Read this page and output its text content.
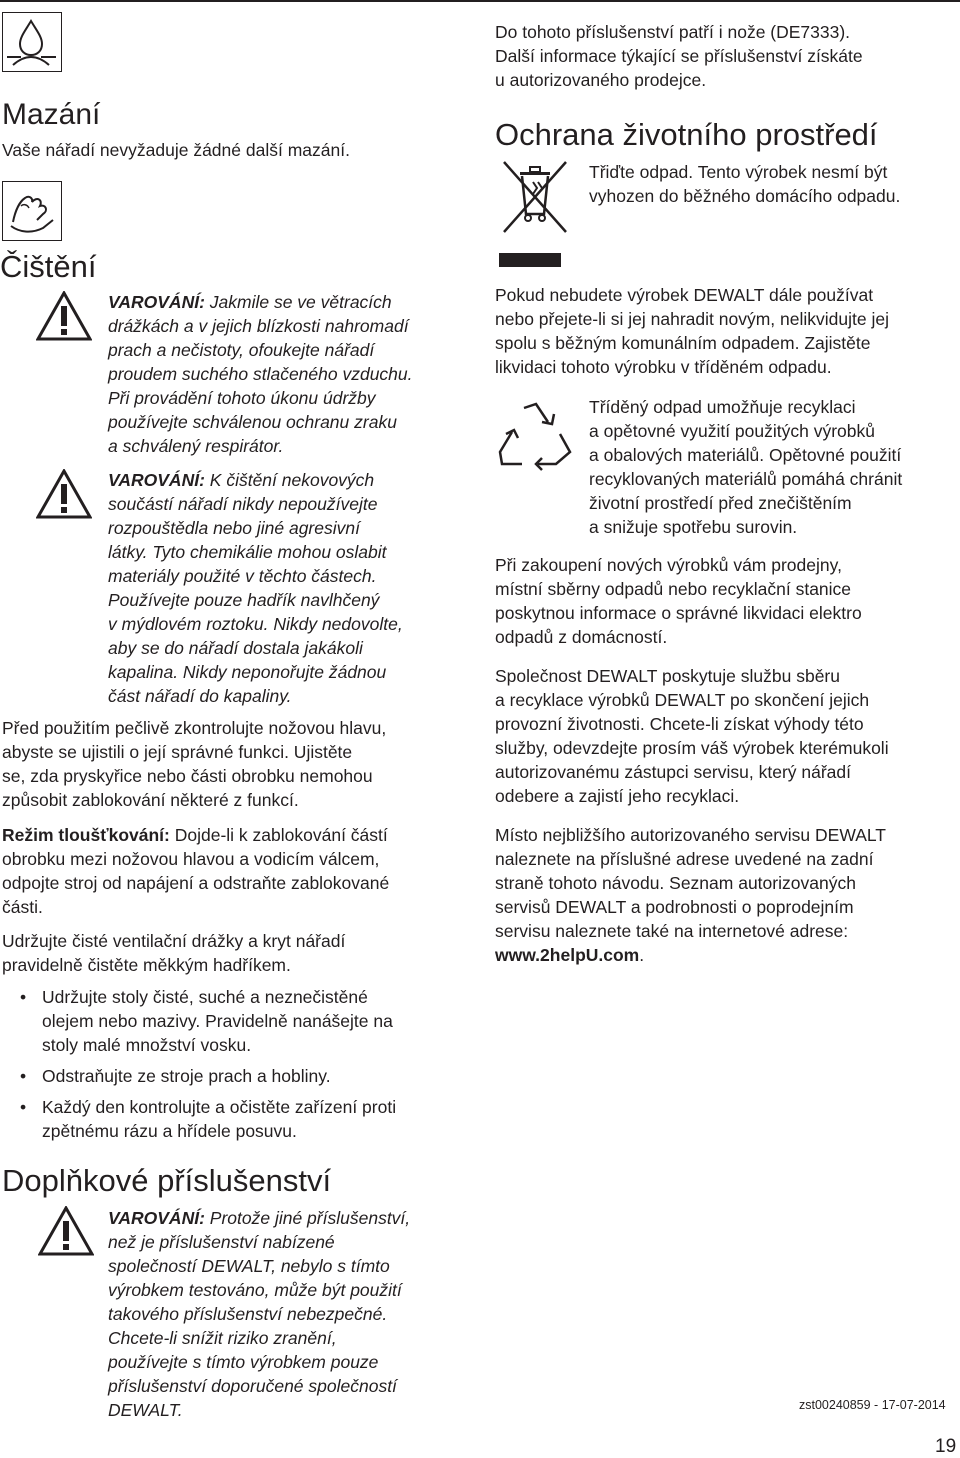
Mazání

Vaše nářadí nevyžaduje žádné další mazání.

Čištění

VAROVÁNÍ: Jakmile se ve větracích

drážkách a v jejich blízkosti nahromadí

prach a nečistoty, ofoukejte nářadí

proudem suchého stlačeného vzduchu.

Při provádění tohoto úkonu údržby

používejte schválenou ochranu zraku

a schválený respirátor.

VAROVÁNÍ: K čištění nekovových

součástí nářadí nikdy nepoužívejte

rozpouštědla nebo jiné agresivní

látky. Tyto chemikálie mohou oslabit

materiály použité v těchto částech.

Používejte pouze hadřík navlhčený

v mýdlovém roztoku. Nikdy nedovolte,

aby se do nářadí dostala jakákoli

kapalina. Nikdy neponořujte žádnou

část nářadí do kapaliny.

Před použitím pečlivě zkontrolujte nožovou hlavu,

abyste se ujistili o její správné funkci. Ujistěte

se, zda pryskyřice nebo části obrobku nemohou

způsobit zablokování některé z funkcí.

Režim tloušťkování: Dojde-li k zablokování částí

obrobku mezi nožovou hlavou a vodicím válcem,

odpojte stroj od napájení a odstraňte zablokované

části.

Udržujte čisté ventilační drážky a kryt nářadí

pravidelně čistěte měkkým hadříkem.

• Udržujte stoly čisté, suché a neznečistěné
olejem nebo mazivy. Pravidelně nanášejte na
stoly malé množství vosku.
• Odstraňujte ze stroje prach a hobliny.
• Každý den kontrolujte a očistěte zařízení proti
zpětnému rázu a hřídele posuvu.
Doplňkové příslušenství

VAROVÁNÍ: Protože jiné příslušenství,

než je příslušenství nabízené

společností DEWALT, nebylo s tímto

výrobkem testováno, může být použití

takového příslušenství nebezpečné.

Chcete-li snížit riziko zranění,

používejte s tímto výrobkem pouze

příslušenství doporučené společností

DEWALT.

Do tohoto příslušenství patří i nože (DE7333).

Další informace týkající se příslušenství získáte

u autorizovaného prodejce.

Ochrana životního prostředí

Třiďte odpad. Tento výrobek nesmí být

vyhozen do běžného domácího odpadu.

Pokud nebudete výrobek DEWALT dále používat

nebo přejete-li si jej nahradit novým, nelikvidujte jej

spolu s běžným komunálním odpadem. Zajistěte

likvidaci tohoto výrobku v tříděném odpadu.

Tříděný odpad umožňuje recyklaci

a opětovné využití použitých výrobků

a obalových materiálů. Opětovné použití

recyklovaných materiálů pomáhá chránit

životní prostředí před znečištěním

a snižuje spotřebu surovin.

Při zakoupení nových výrobků vám prodejny,

místní sběrny odpadů nebo recyklační stanice

poskytnou informace o správné likvidaci elektro

odpadů z domácností.

Společnost DEWALT poskytuje službu sběru

a recyklace výrobků DEWALT po skončení jejich

provozní životnosti. Chcete-li získat výhody této

služby, odevzdejte prosím váš výrobek kterémukoli

autorizovanému zástupci servisu, který nářadí

odebere a zajistí jeho recyklaci.

Místo nejbližšího autorizovaného servisu DEWALT

naleznete na příslušné adrese uvedené na zadní

straně tohoto návodu. Seznam autorizovaných

servisů DEWALT a podrobnosti o poprodejním

servisu naleznete také na internetové adrese:

www.2helpU.com.

zst00240859 - 17-07-2014
19
